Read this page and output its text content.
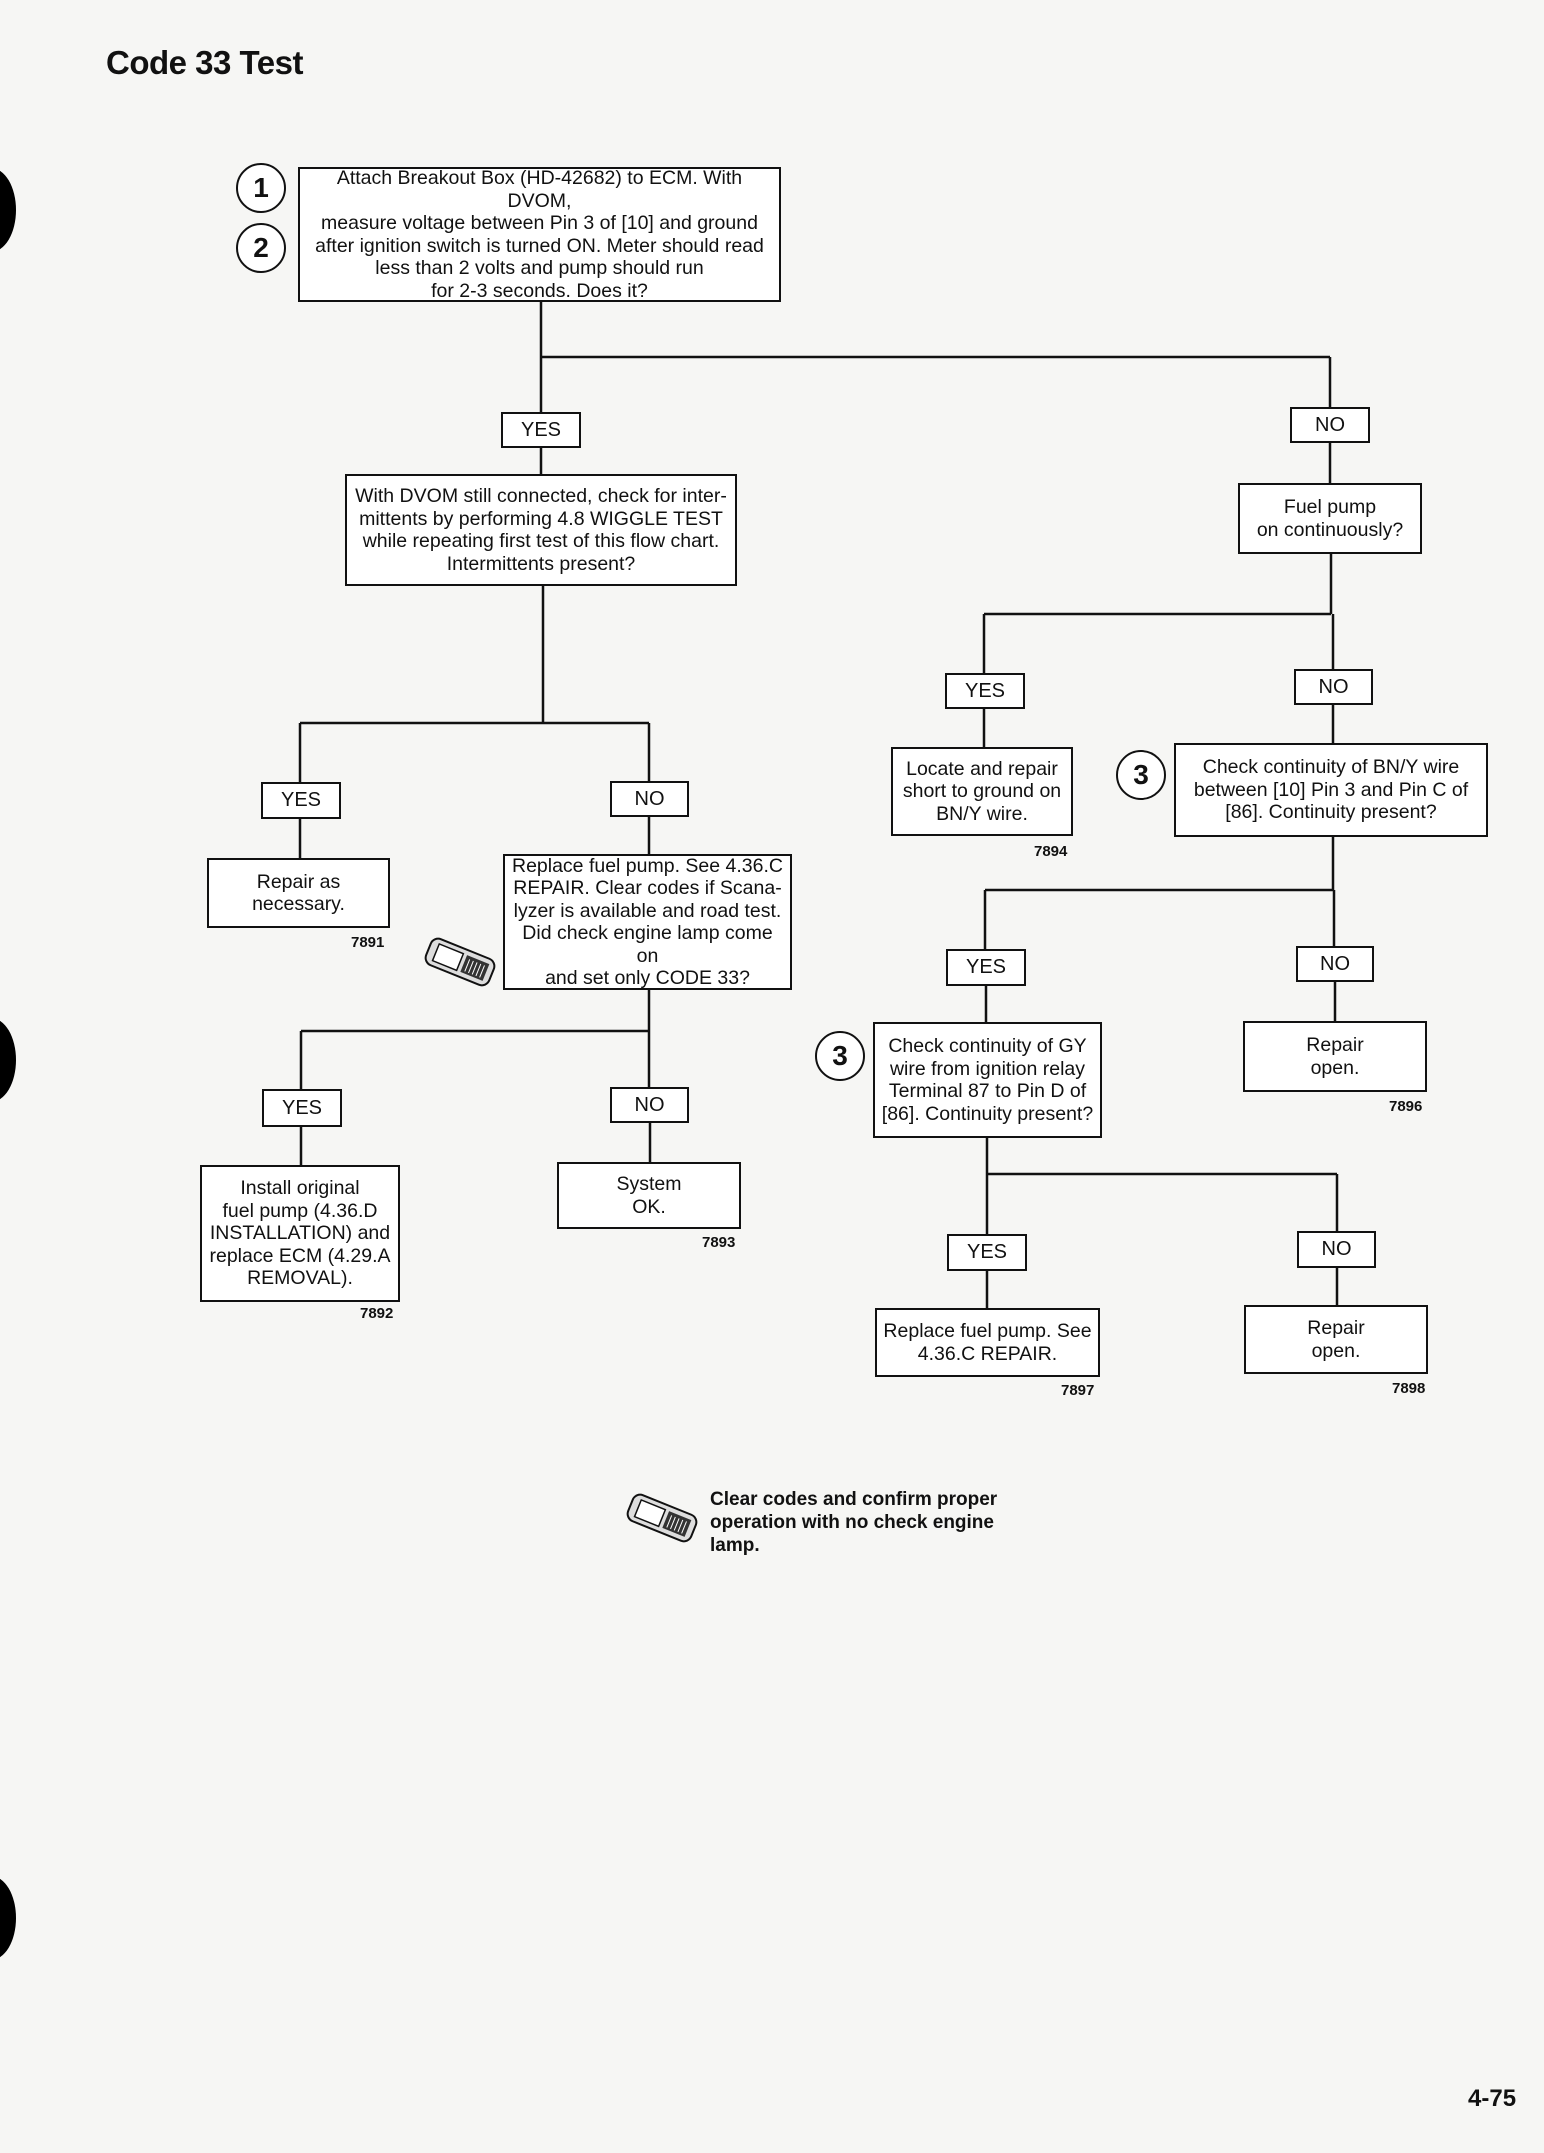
Code 33 Test
1
2
3
3
Attach Breakout Box (HD-42682) to ECM. With DVOM,
measure voltage between Pin 3 of [10] and ground
after ignition switch is turned ON. Meter should read
less than 2 volts and pump should run
for 2-3 seconds. Does it?
With DVOM still connected, check for inter-
mittents by performing 4.8 WIGGLE TEST
while repeating first test of this flow chart.
Intermittents present?
Fuel pump
on continuously?
Repair as
necessary.
Replace fuel pump. See 4.36.C
REPAIR. Clear codes if Scana-
lyzer is available and road test.
Did check engine lamp come on
and set only CODE 33?
Locate and repair
short to ground on
BN/Y wire.
Check continuity of BN/Y wire
between [10] Pin 3 and Pin C of
[86]. Continuity present?
Check continuity of GY
wire from ignition relay
Terminal 87 to Pin D of
[86]. Continuity present?
Repair
open.
Install original
fuel pump (4.36.D
INSTALLATION) and
replace ECM (4.29.A
REMOVAL).
System
OK.
Replace fuel pump. See
4.36.C REPAIR.
Repair
open.
YES	NO
YES	NO
YES	NO
YES	NO
YES	NO
YES	NO
7891
7892
7893
7894
7896
7897	7898
Clear codes and confirm proper operation with no check engine lamp.
4-75
